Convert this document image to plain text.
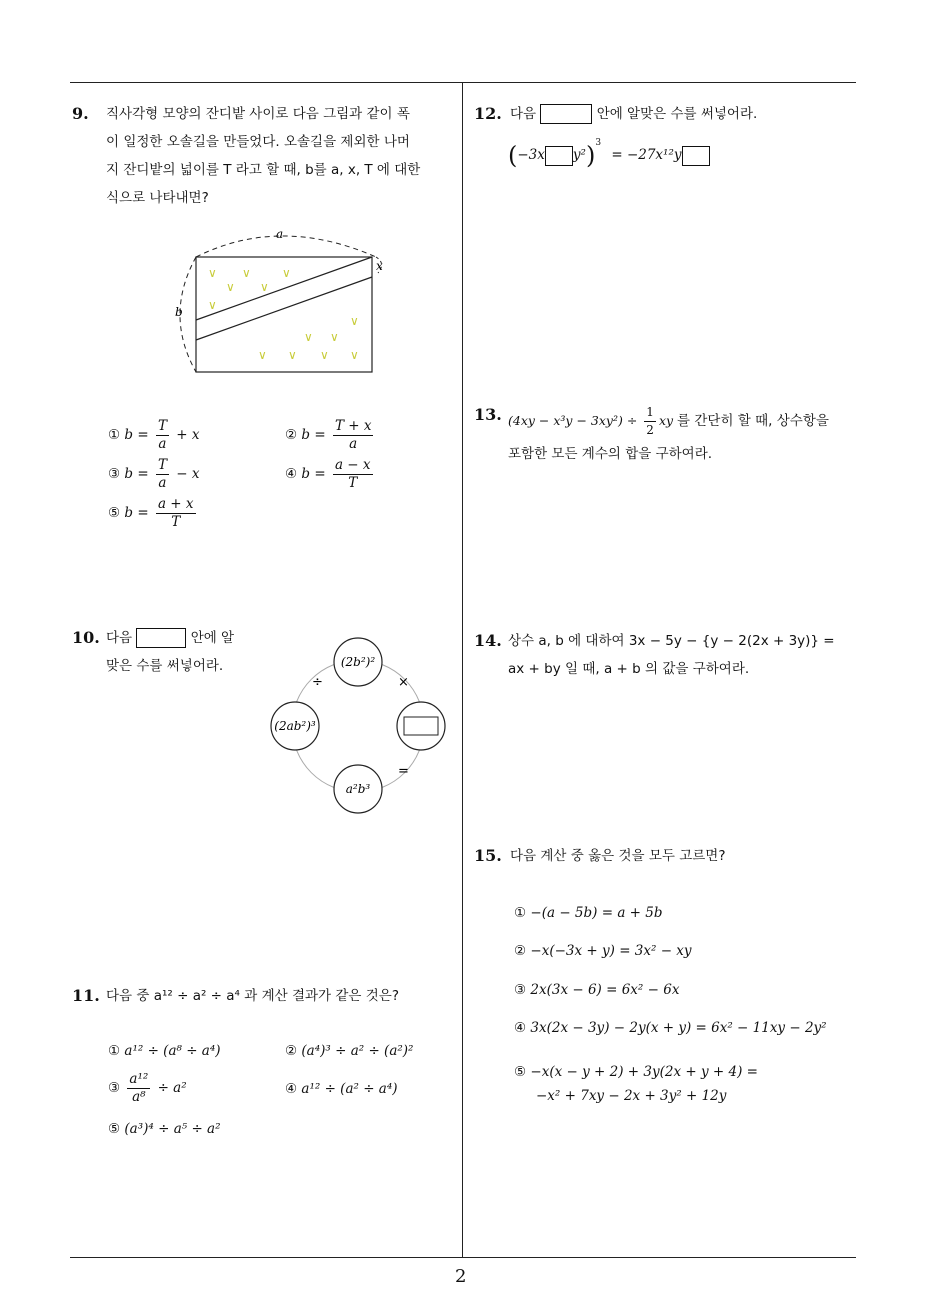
2
9. 직사각형 모양의 잔디밭 사이로 다음 그림과 같이 폭
이 일정한 오솔길을 만들었다. 오솔길을 제외한 나머
지 잔디밭의 넓이를 T 라고 할 때, b를 a, x, T 에 대한
식으로 나타내면?
∨ ∨	∨
∨ ∨
∨
∨
∨ ∨
∨ ∨ ∨ ∨
a
b
x
① $b = \frac{T}{a} + x$	② $b = \frac{T + x}{a}$
③ $b = \frac{T}{a} - x$	④ $b = \frac{a - x}{T}$
⑤ $b = \frac{a + x}{T}$
10. 다음	안에 알
맞은 수를 써넣어라.	(2b²)²
(2ab²)³
a²b³
÷	×
=
11. 다음 중 a¹² ÷ a² ÷ a⁴ 과 계산 결과가 같은 것은?
① a¹² ÷ (a⁸ ÷ a⁴)	② (a⁴)³ ÷ a² ÷ (a²)²
③ $\frac{\text{a¹²}}{\text{a⁸}} \div a^2$	④ a¹² ÷ (a² ÷ a⁴)
⑤ (a³)⁴ ÷ a⁵ ÷ a²
12. 다음	안에 알맞은 수를 써넣어라.
(−3x y²)$^3$ = −27x¹²y
13. $(4xy - x^3y - 3xy^2) \div \frac{1}{2}$ xy 를 간단히 할 때, 상수항을
포함한 모든 계수의 합을 구하여라.
14. 상수 a, b 에 대하여 3x − 5y − {y − 2(2x + 3y)} =
ax + by 일 때, a + b 의 값을 구하여라.
15. 다음 계산 중 옳은 것을 모두 고르면?
① −(a − 5b) = a + 5b
② −x(−3x + y) = 3x² − xy
③ 2x(3x − 6) = 6x² − 6x
④ 3x(2x − 3y) − 2y(x + y) = 6x² − 11xy − 2y²
⑤ −x(x − y + 2) + 3y(2x + y + 4) =
−x² + 7xy − 2x + 3y² + 12y
